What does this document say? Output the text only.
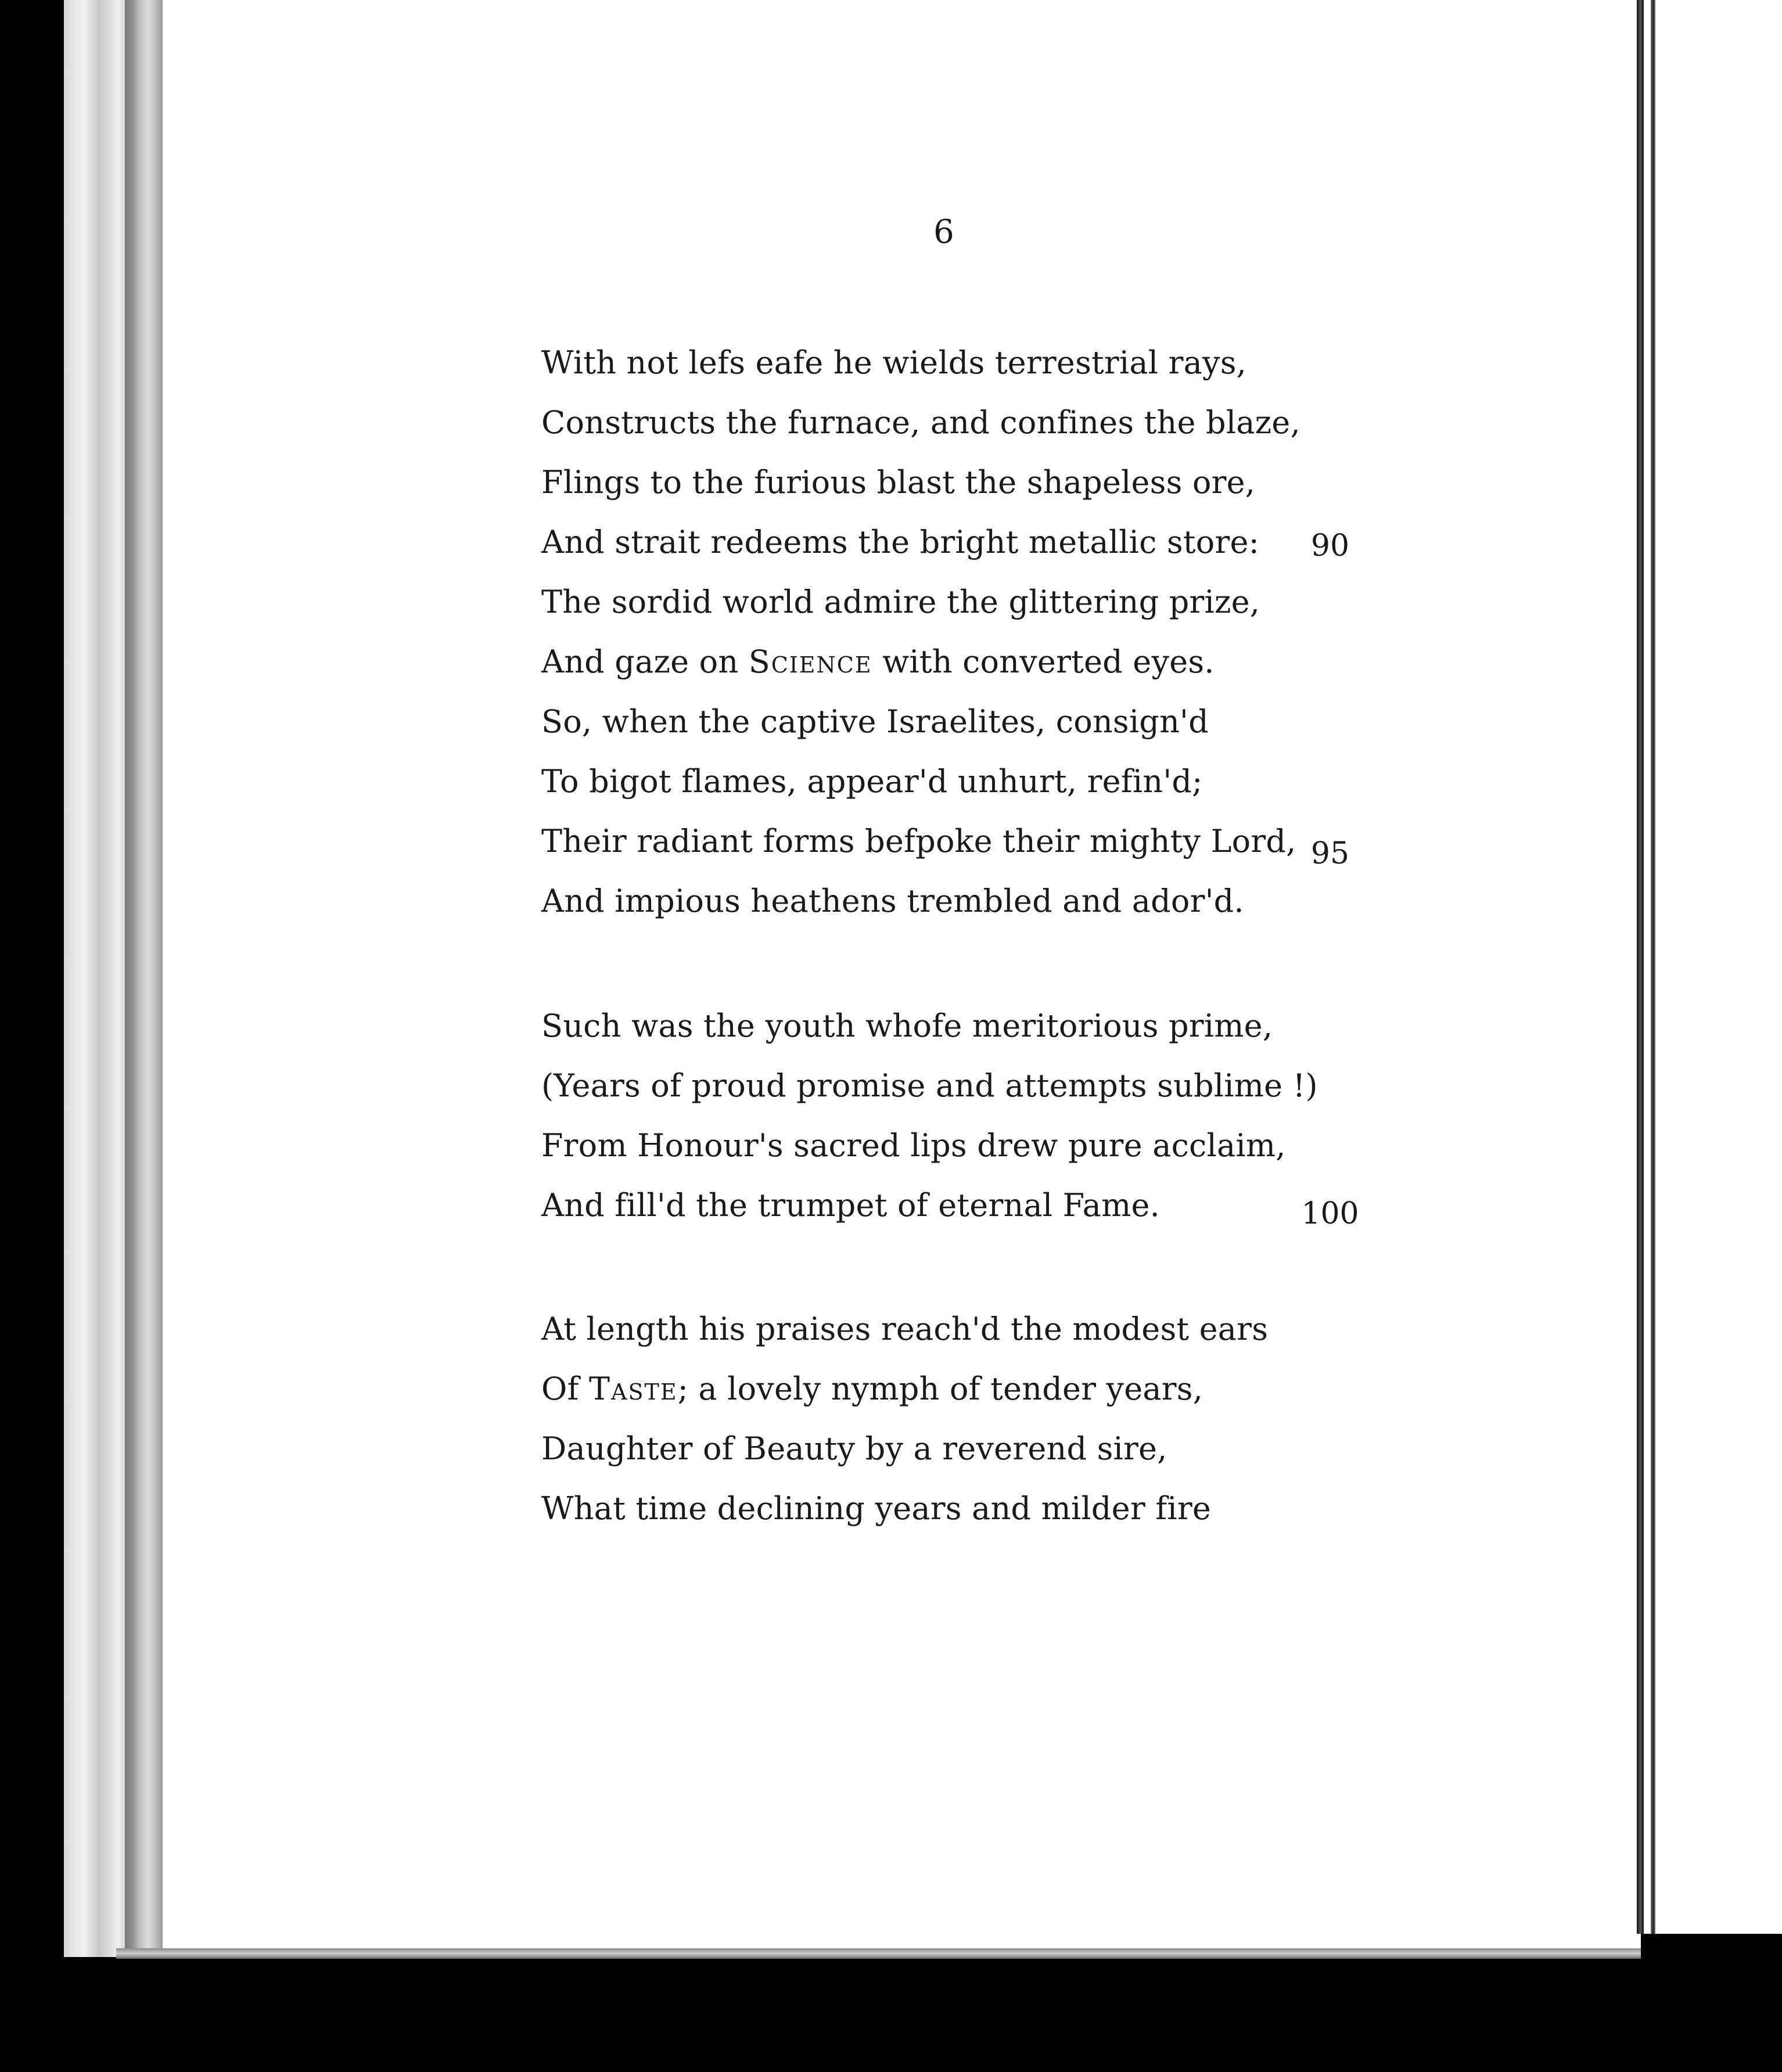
6
With not lefs eafe he wields terrestrial rays,
Constructs the furnace, and confines the blaze,
Flings to the furious blast the shapeless ore,
And strait redeems the bright metallic store:	90
The sordid world admire the glittering prize,
And gaze on Science with converted eyes.
So, when the captive Israelites, consign'd
To bigot flames, appear'd unhurt, refin'd;
Their radiant forms befpoke their mighty Lord, 95
And impious heathens trembled and ador'd.
Such was the youth whofe meritorious prime,
(Years of proud promise and attempts sublime !)
From Honour's sacred lips drew pure acclaim,
And fill'd the trumpet of eternal Fame.	100
At length his praises reach'd the modest ears
Of Taste; a lovely nymph of tender years,
Daughter of Beauty by a reverend sire,
What time declining years and milder fire
